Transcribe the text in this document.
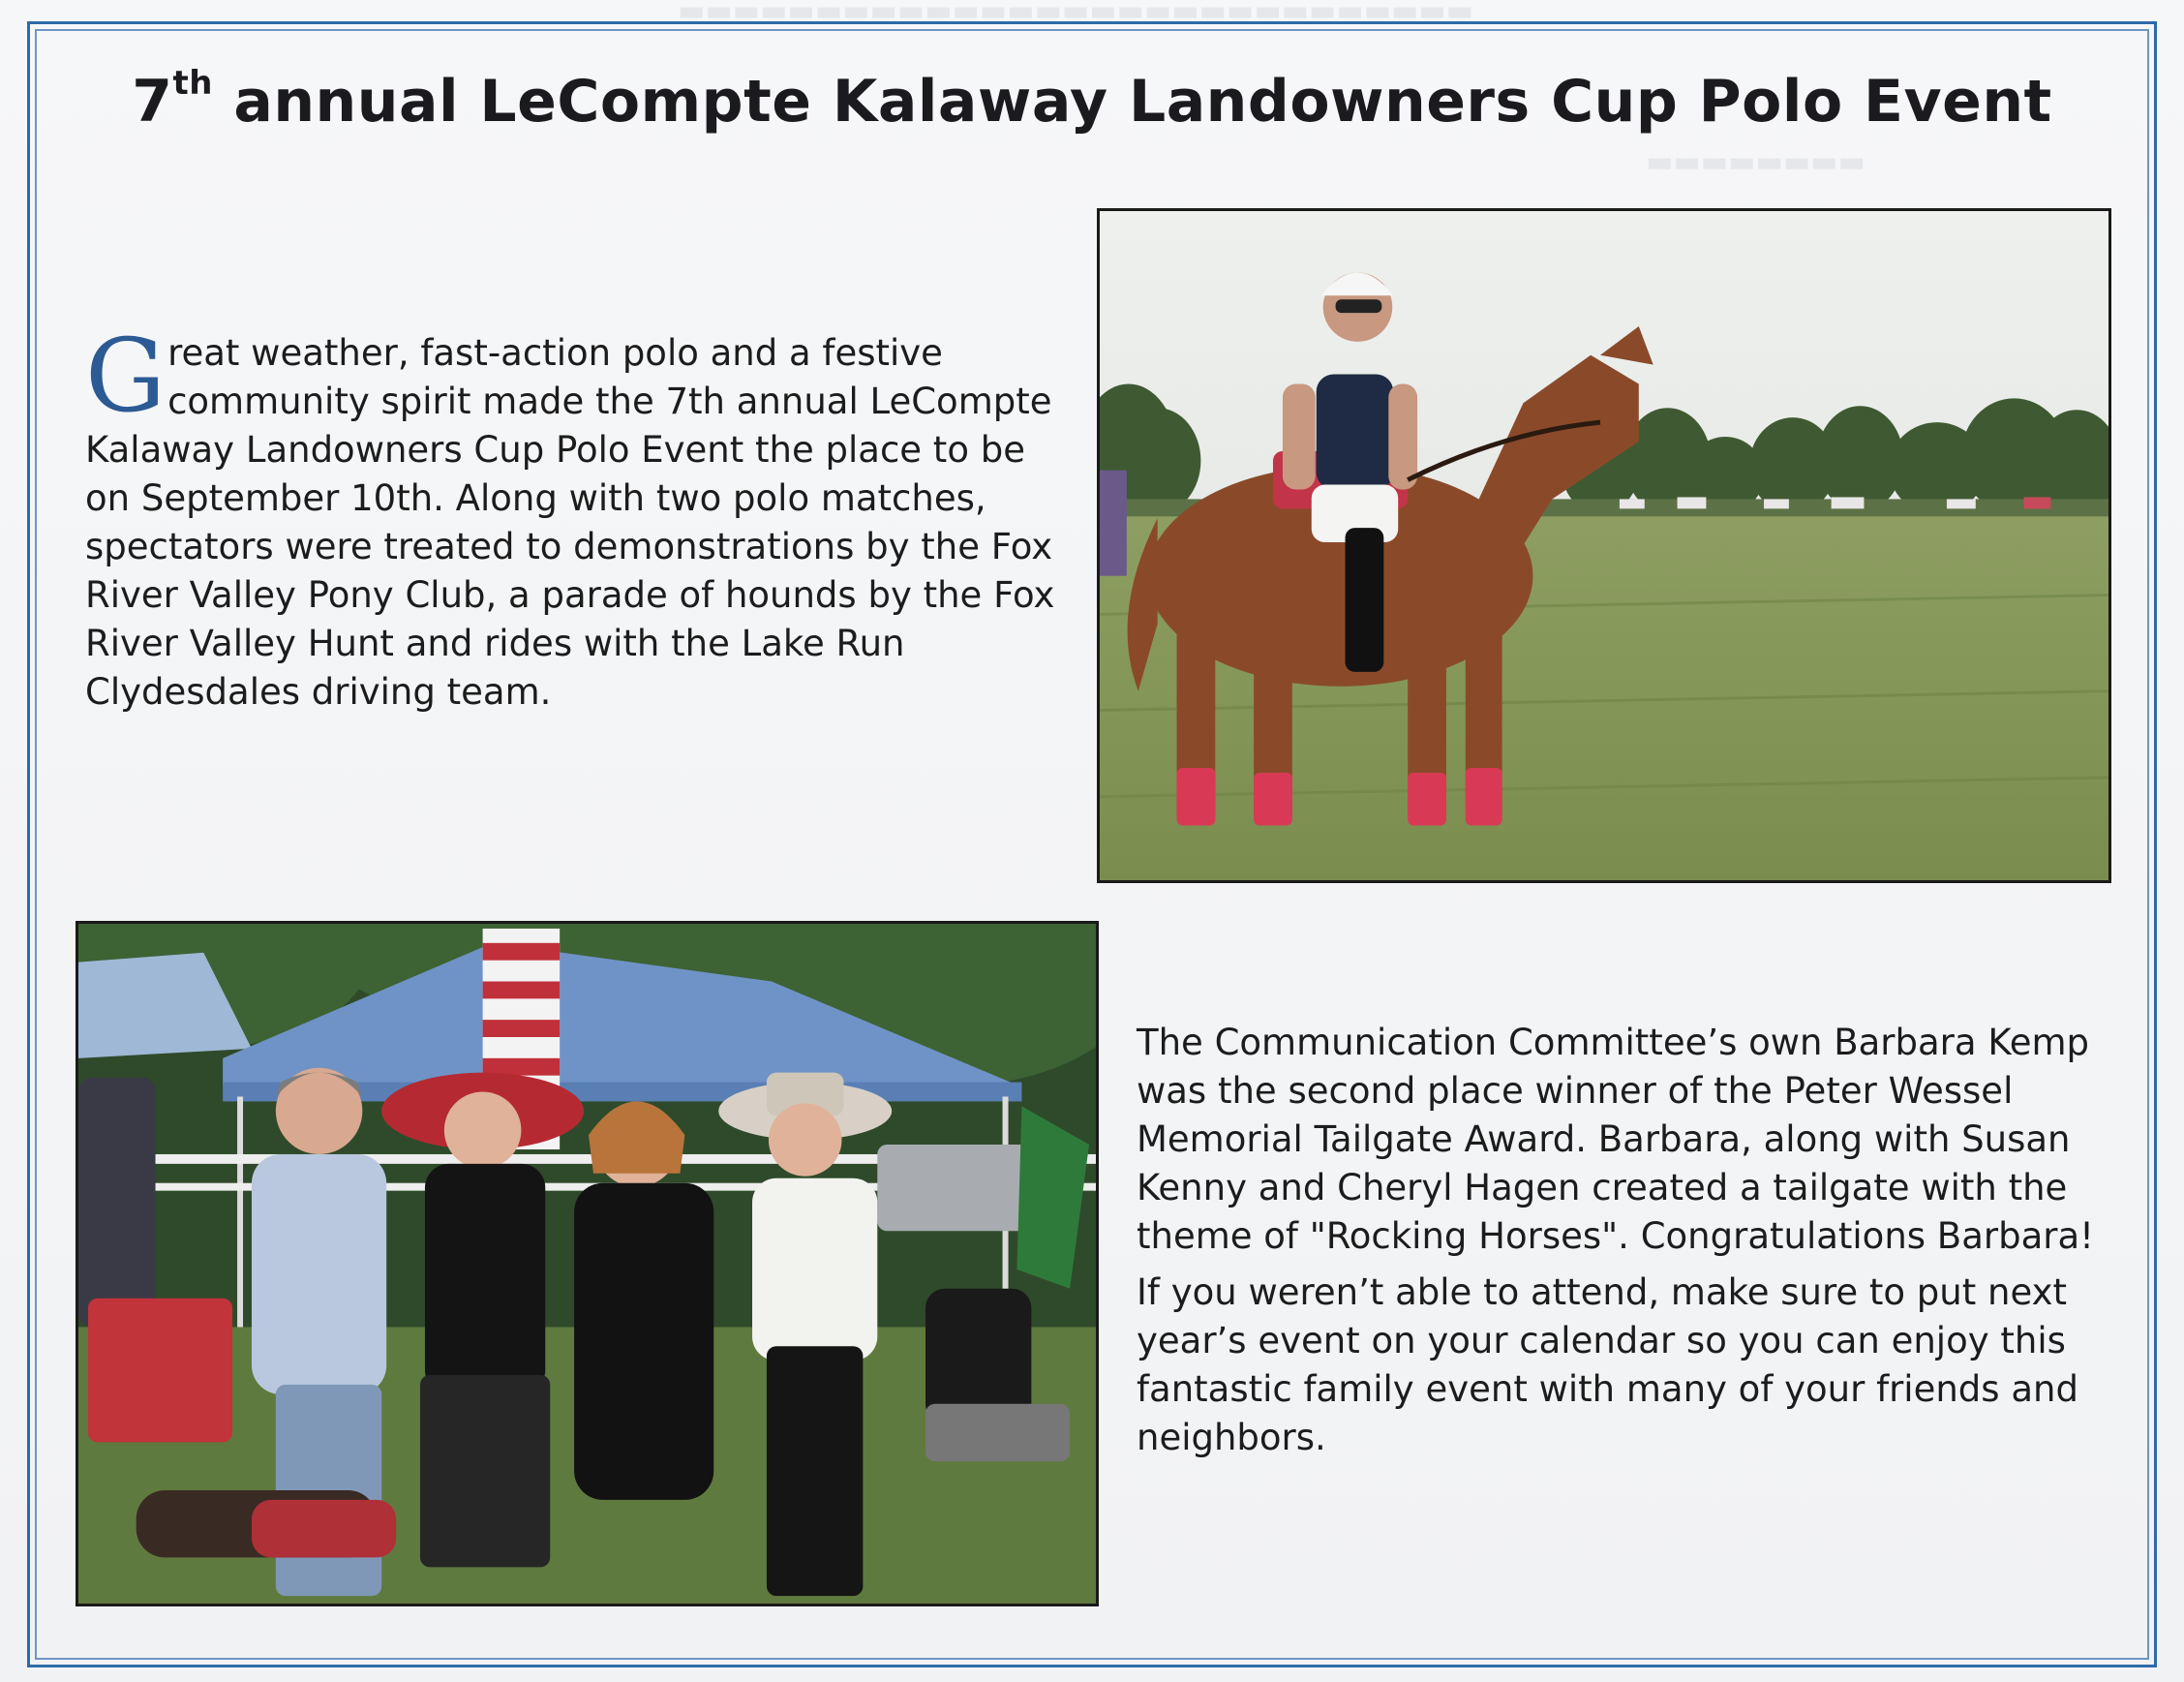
▬▬▬▬▬▬▬▬▬▬▬▬▬▬▬▬▬▬▬▬▬▬▬▬▬▬▬▬▬
▬▬▬▬▬▬▬▬
7th annual LeCompte Kalaway Landowners Cup Polo Event
Great weather, fast-action polo and a festive community spirit made the 7th annual LeCompte Kalaway Landowners Cup Polo Event the place to be on September 10th. Along with two polo matches, spectators were treated to demonstrations by the Fox River Valley Pony Club, a parade of hounds by the Fox River Valley Hunt and rides with the Lake Run Clydesdales driving team.

The Communication Committee’s own Barbara Kemp was the second place winner of the Peter Wessel Memorial Tailgate Award. Barbara, along with Susan Kenny and Cheryl Hagen created a tailgate with the theme of "Rocking Horses". Congratulations Barbara!

If you weren’t able to attend, make sure to put next year’s event on your calendar so you can enjoy this fantastic family event with many of your friends and neighbors.
